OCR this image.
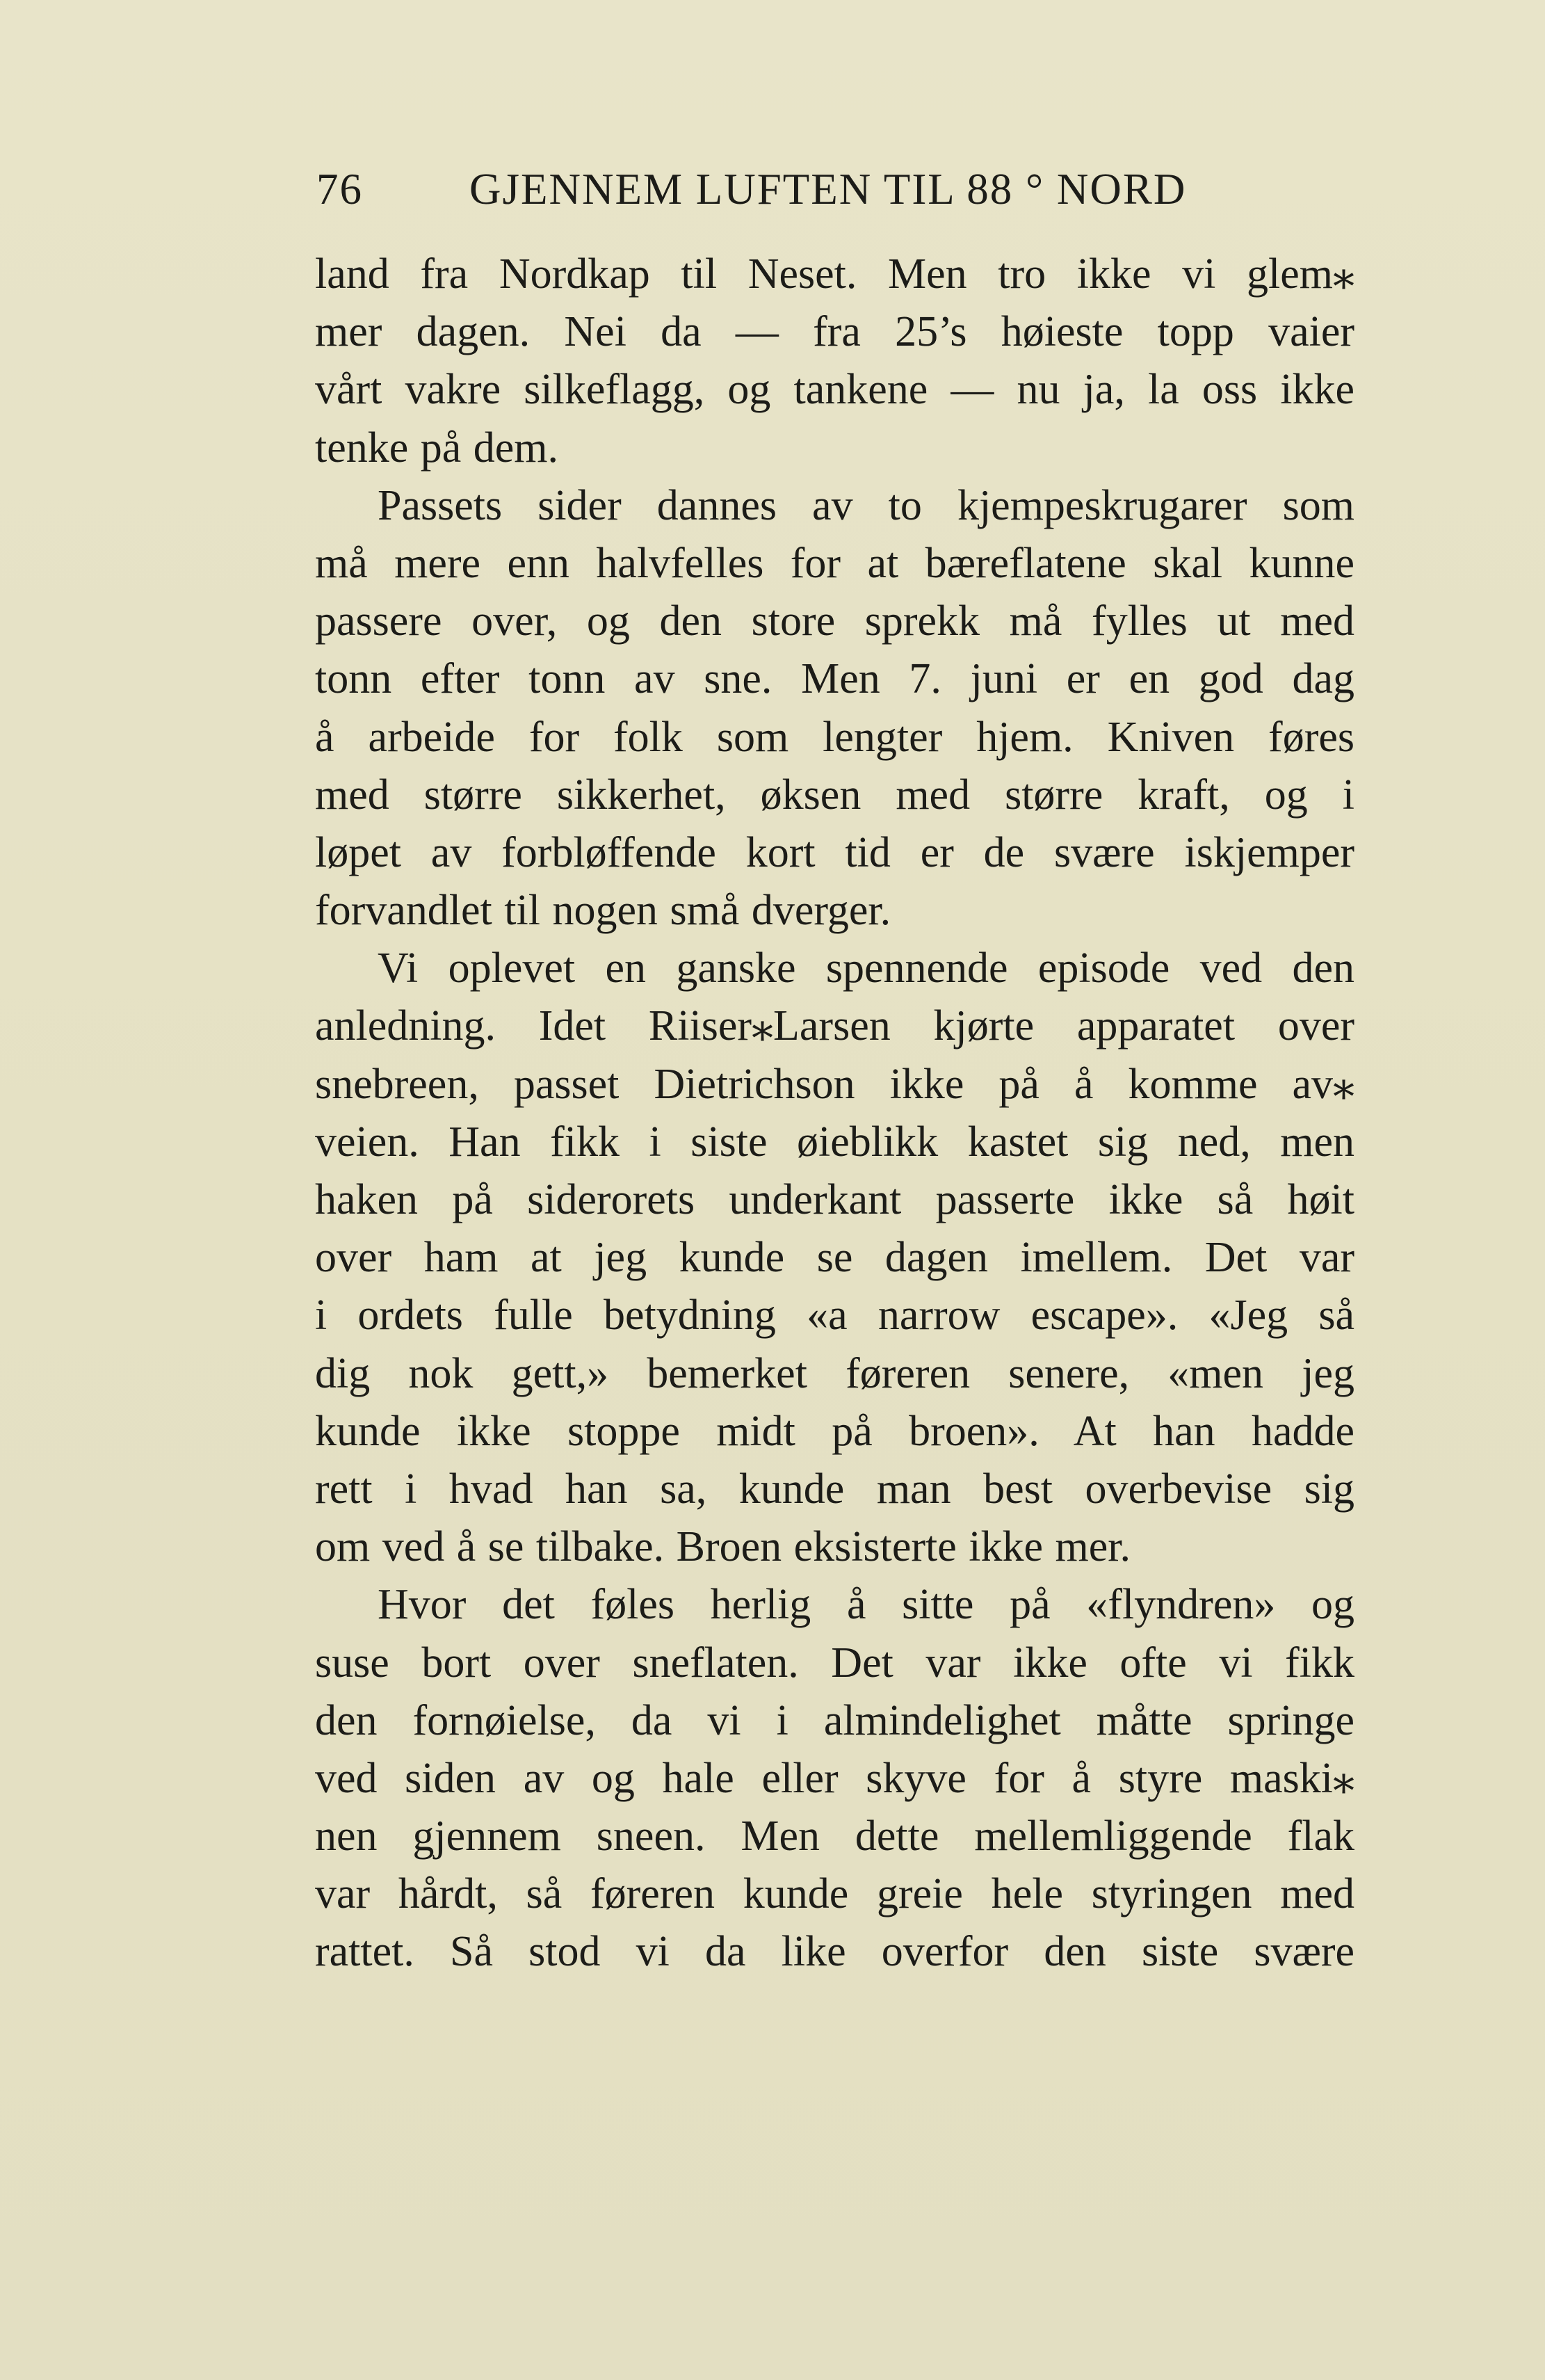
76 GJENNEM LUFTEN TIL 88 ° NORD
land fra Nordkap til Neset. Men tro ikke vi glem⁎
mer dagen. Nei da — fra 25’s høieste topp vaier
vårt vakre silkeflagg, og tankene — nu ja, la oss ikke
tenke på dem.
Passets sider dannes av to kjempeskrugarer som
må mere enn halvfelles for at bæreflatene skal kunne
passere over, og den store sprekk må fylles ut med
tonn efter tonn av sne. Men 7. juni er en god dag
å arbeide for folk som lengter hjem. Kniven føres
med større sikkerhet, øksen med større kraft, og i
løpet av forbløffende kort tid er de svære iskjemper
forvandlet til nogen små dverger.
Vi oplevet en ganske spennende episode ved den
anledning. Idet Riiser⁎Larsen kjørte apparatet over
snebreen, passet Dietrichson ikke på å komme av⁎
veien. Han fikk i siste øieblikk kastet sig ned, men
haken på siderorets underkant passerte ikke så høit
over ham at jeg kunde se dagen imellem. Det var
i ordets fulle betydning «a narrow escape». «Jeg så
dig nok gett,» bemerket føreren senere, «men jeg
kunde ikke stoppe midt på broen». At han hadde
rett i hvad han sa, kunde man best overbevise sig
om ved å se tilbake. Broen eksisterte ikke mer.
Hvor det føles herlig å sitte på «flyndren» og
suse bort over sneflaten. Det var ikke ofte vi fikk
den fornøielse, da vi i almindelighet måtte springe
ved siden av og hale eller skyve for å styre maski⁎
nen gjennem sneen. Men dette mellemliggende flak
var hårdt, så føreren kunde greie hele styringen med
rattet. Så stod vi da like overfor den siste svære
